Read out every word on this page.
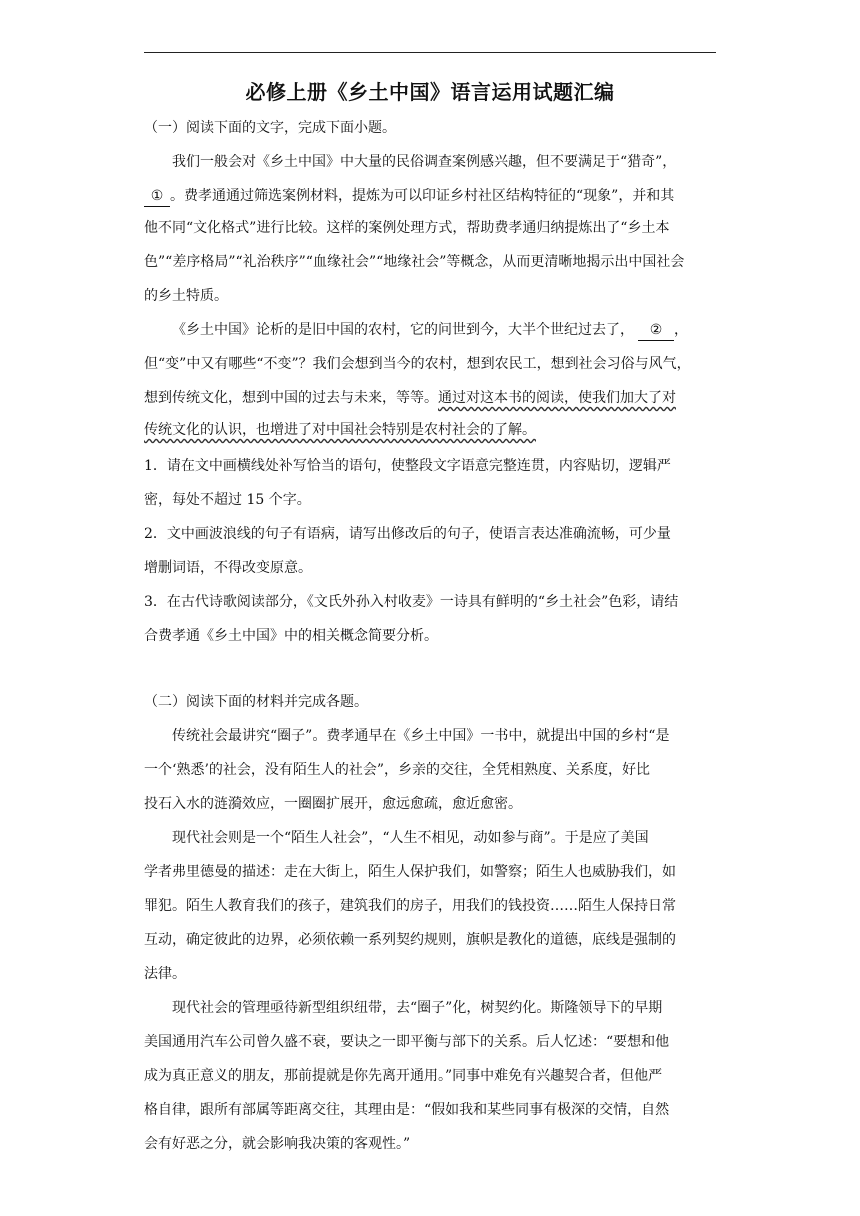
必修上册《乡土中国》语言运用试题汇编
（一）阅读下面的文字，完成下面小题。
我们一般会对《乡土中国》中大量的民俗调查案例感兴趣，但不要满足于“猎奇”，
① 。费孝通通过筛选案例材料，提炼为可以印证乡村社区结构特征的“现象”，并和其
他不同“文化格式”进行比较。这样的案例处理方式，帮助费孝通归纳提炼出了“乡土本
色”“差序格局”“礼治秩序”“血缘社会”“地缘社会”等概念，从而更清晰地揭示出中国社会
的乡土特质。
《乡土中国》论析的是旧中国的农村，它的问世到今，大半个世纪过去了， ② ，
但“变”中又有哪些“不变”？我们会想到当今的农村，想到农民工，想到社会习俗与风气，
想到传统文化，想到中国的过去与未来，等等。通过对这本书的阅读，使我们加大了对
传统文化的认识，也增进了对中国社会特别是农村社会的了解。
1．请在文中画横线处补写恰当的语句，使整段文字语意完整连贯，内容贴切，逻辑严
密，每处不超过 15 个字。
2．文中画波浪线的句子有语病，请写出修改后的句子，使语言表达准确流畅，可少量
增删词语，不得改变原意。
3．在古代诗歌阅读部分，《文氏外孙入村收麦》一诗具有鲜明的“乡土社会”色彩，请结
合费孝通《乡土中国》中的相关概念简要分析。
（二）阅读下面的材料并完成各题。
传统社会最讲究“圈子”。费孝通早在《乡土中国》一书中，就提出中国的乡村“是
一个‘熟悉’的社会，没有陌生人的社会”，乡亲的交往，全凭相熟度、关系度，好比
投石入水的涟漪效应，一圈圈扩展开，愈远愈疏，愈近愈密。
现代社会则是一个“陌生人社会”，“人生不相见，动如参与商”。于是应了美国
学者弗里德曼的描述：走在大街上，陌生人保护我们，如警察；陌生人也威胁我们，如
罪犯。陌生人教育我们的孩子，建筑我们的房子，用我们的钱投资……陌生人保持日常
互动，确定彼此的边界，必须依赖一系列契约规则，旗帜是教化的道德，底线是强制的
法律。
现代社会的管理亟待新型组织纽带，去“圈子”化，树契约化。斯隆领导下的早期
美国通用汽车公司曾久盛不衰，要诀之一即平衡与部下的关系。后人忆述：“要想和他
成为真正意义的朋友，那前提就是你先离开通用。”同事中难免有兴趣契合者，但他严
格自律，跟所有部属等距离交往，其理由是：“假如我和某些同事有极深的交情，自然
会有好恶之分，就会影响我决策的客观性。”
